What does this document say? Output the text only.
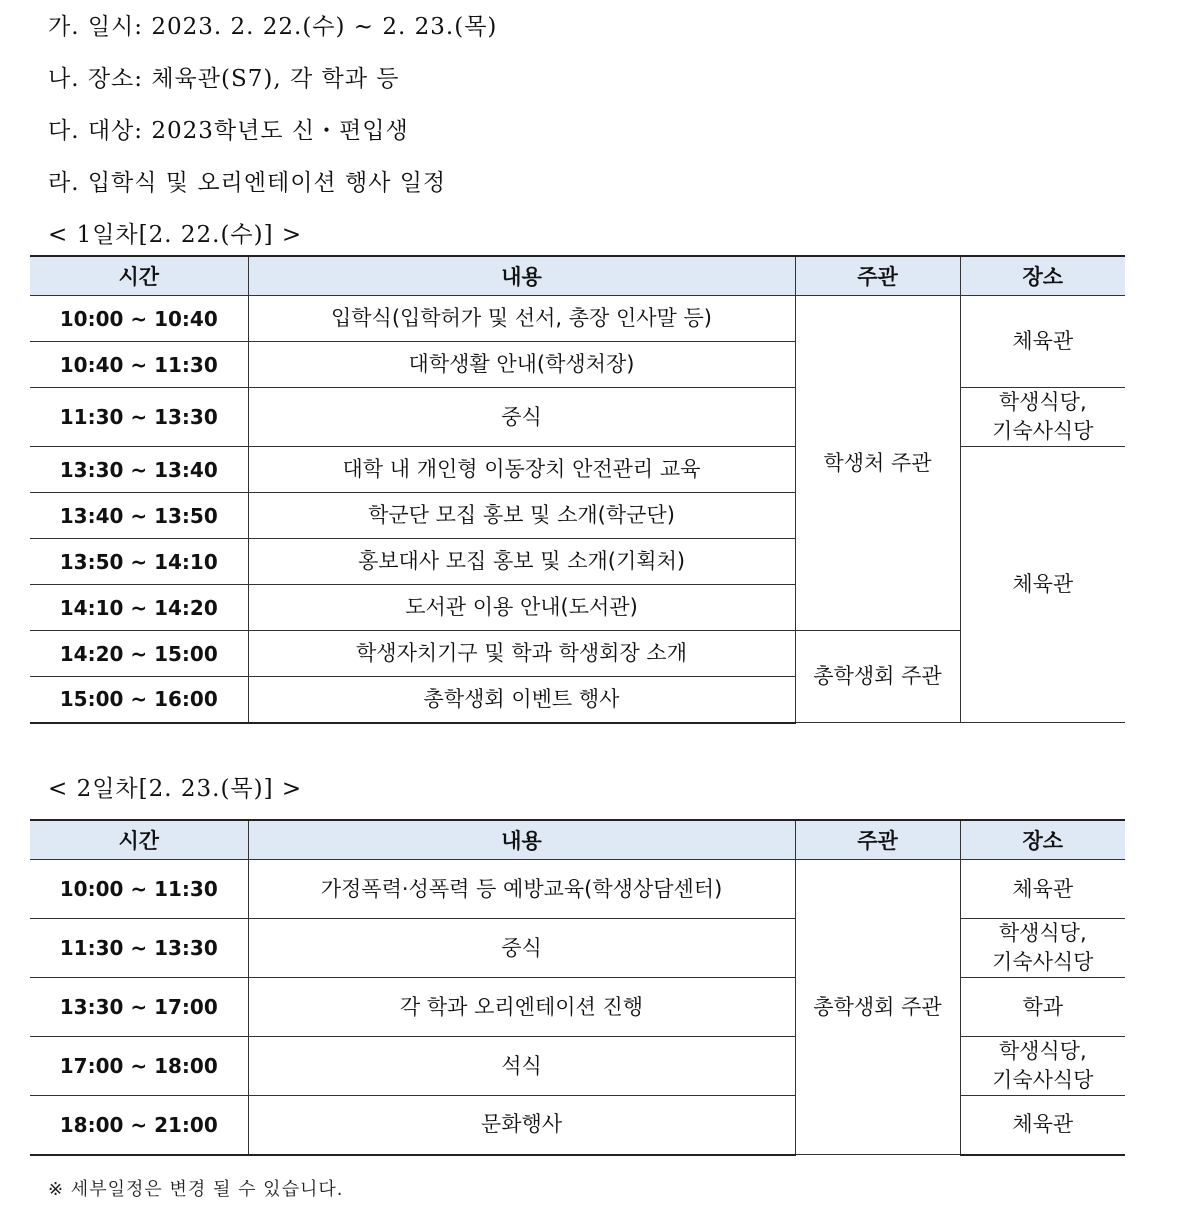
가. 일시: 2023. 2. 22.(수) ~ 2. 23.(목)
나. 장소: 체육관(S7), 각 학과 등
다. 대상: 2023학년도 신・편입생
라. 입학식 및 오리엔테이션 행사 일정
< 1일차[2. 22.(수)] >
시간	내용	주관	장소
10:00 ~ 10:40	입학식(입학허가 및 선서, 총장 인사말 등)	학생처 주관	체육관
10:40 ~ 11:30	대학생활 안내(학생처장)		
11:30 ~ 13:30	중식		학생식당,
기숙사식당

13:30 ~ 13:40	대학 내 개인형 이동장치 안전관리 교육		체육관
13:40 ~ 13:50	학군단 모집 홍보 및 소개(학군단)		
13:50 ~ 14:10	홍보대사 모집 홍보 및 소개(기획처)		
14:10 ~ 14:20	도서관 이용 안내(도서관)		
14:20 ~ 15:00	학생자치기구 및 학과 학생회장 소개	총학생회 주관	
15:00 ~ 16:00	총학생회 이벤트 행사		
< 2일차[2. 23.(목)] >
시간	내용	주관	장소
10:00 ~ 11:30	가정폭력·성폭력 등 예방교육(학생상담센터)	총학생회 주관	체육관

11:30 ~ 13:30	중식		학생식당,
기숙사식당

13:30 ~ 17:00	각 학과 오리엔테이션 진행		학과

17:00 ~ 18:00	석식		학생식당,
기숙사식당

18:00 ~ 21:00	문화행사		체육관
※ 세부일정은 변경 될 수 있습니다.
